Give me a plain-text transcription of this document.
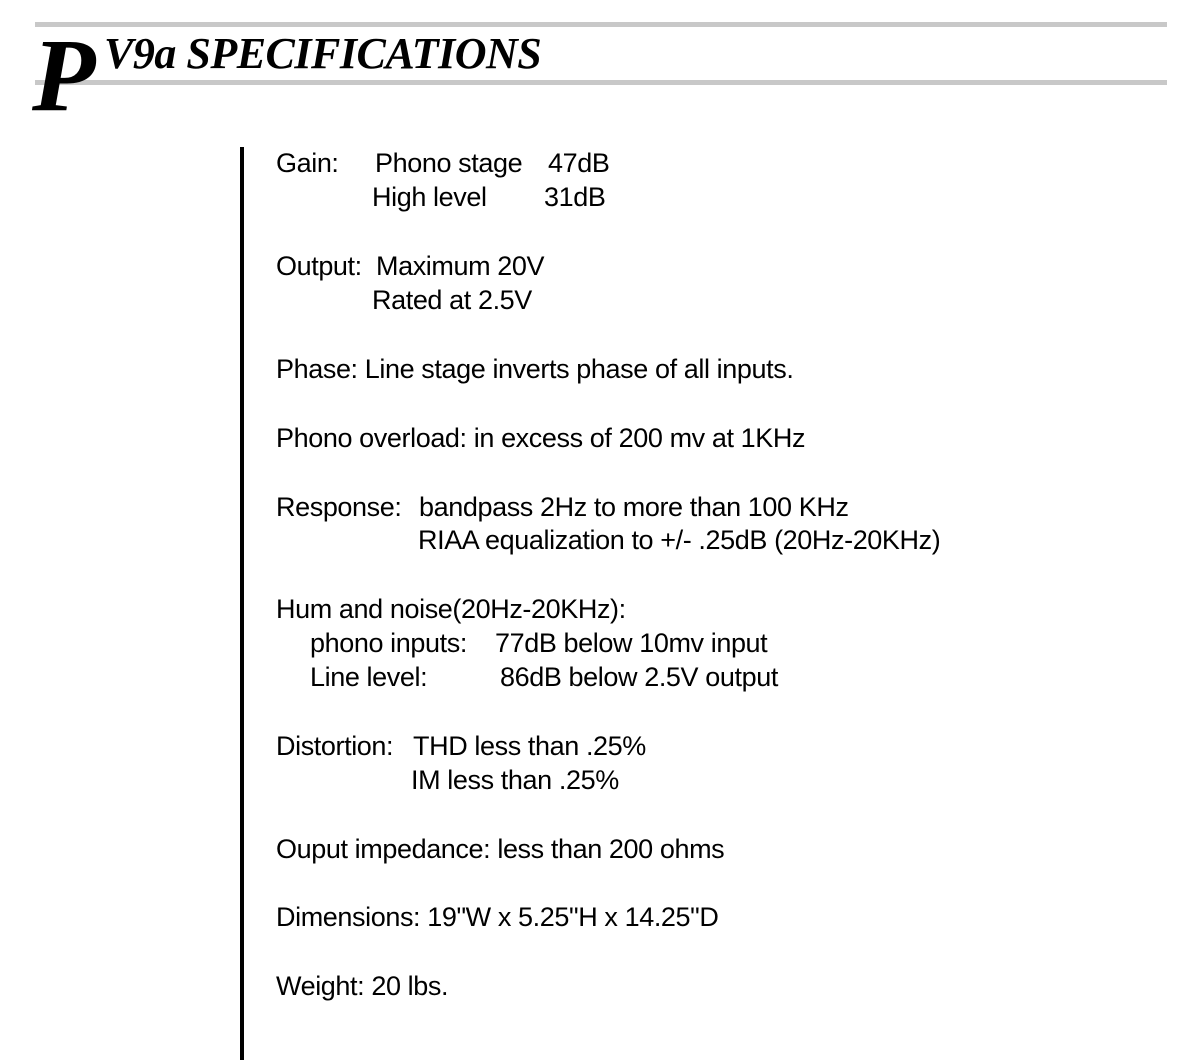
P V9a SPECIFICATIONS
Gain: Phono stage 47dB
High level 31dB
Output: Maximum 20V
Rated at 2.5V
Phase: Line stage inverts phase of all inputs.
Phono overload: in excess of 200 mv at 1KHz
Response: bandpass 2Hz to more than 100 KHz
RIAA equalization to +/- .25dB (20Hz-20KHz)
Hum and noise(20Hz-20KHz):
phono inputs: 77dB below 10mv input
Line level:	86dB below 2.5V output
Distortion: THD less than .25%
IM less than .25%
Ouput impedance: less than 200 ohms
Dimensions: 19"W x 5.25"H x 14.25"D
Weight: 20 lbs.
